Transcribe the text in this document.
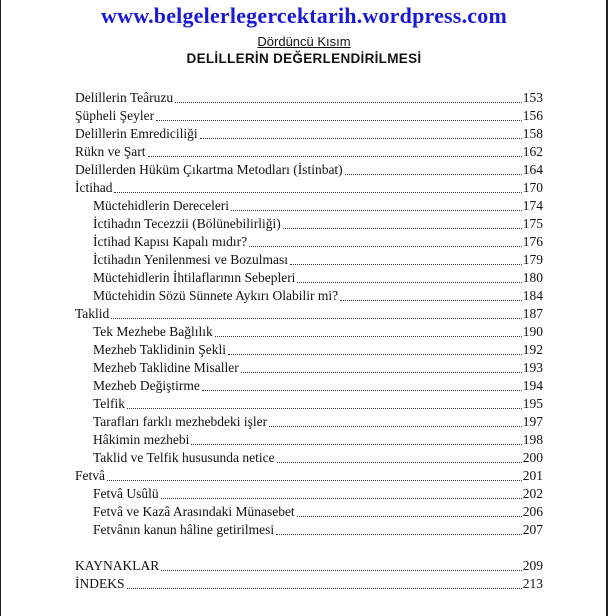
www.belgelerlegercektarih.wordpress.com
Dördüncü Kısım
DELİLLERİN DEĞERLENDİRİLMESİ
Delillerin Teâruzu	153
Şüpheli Şeyler	156
Delillerin Emrediciliği	158
Rükn ve Şart	162
Delillerden Hüküm Çıkartma Metodları (İstinbat)	164
İctihad	170
Müctehidlerin Dereceleri	174
İctihadın Tecezzii (Bölünebilirliği)	175
İctihad Kapısı Kapalı mıdır?	176
İctihadın Yenilenmesi ve Bozulması	179
Müctehidlerin İhtilaflarının Sebepleri	180
Müctehidin Sözü Sünnete Aykırı Olabilir mi?	184
Taklid	187
Tek Mezhebe Bağlılık	190
Mezheb Taklidinin Şekli	192
Mezheb Taklidine Misaller	193
Mezheb Değiştirme	194
Telfik	195
Tarafları farklı mezhebdeki işler	197
Hâkimin mezhebi	198
Taklid ve Telfik hususunda netice	200
Fetvâ	201
Fetvâ Usûlü	202
Fetvâ ve Kazâ Arasındaki Münasebet	206
Fetvânın kanun hâline getirilmesi	207
KAYNAKLAR	209
İNDEKS	213
